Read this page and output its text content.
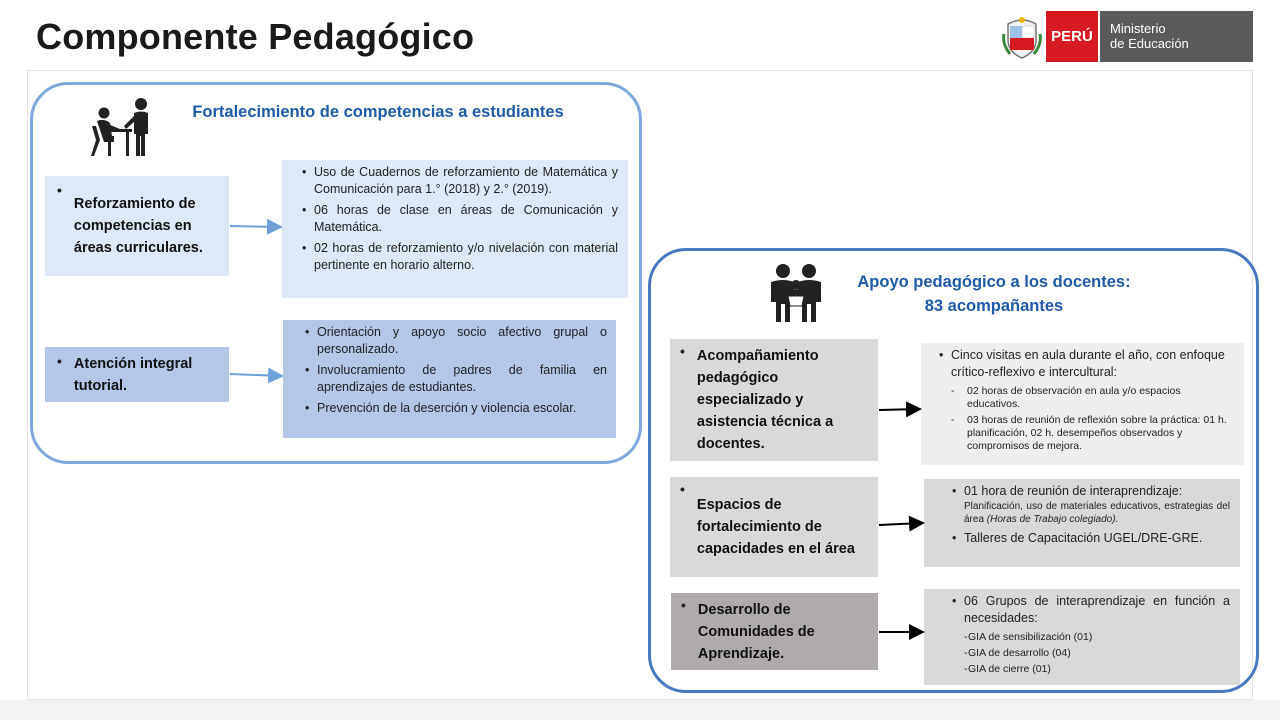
Componente Pedagógico	PERÚ	Ministerio
de Educación
Fortalecimiento de competencias a estudiantes
•
Reforzamiento de competencias en áreas curriculares.
• Uso de Cuadernos de reforzamiento de Matemática y Comunicación para 1.° (2018) y 2.° (2019).
• 06 horas de clase en áreas de Comunicación y Matemática.
• 02 horas de reforzamiento y/o nivelación con material pertinente en horario alterno.
• Atención integral tutorial.
• Orientación y apoyo socio afectivo grupal o personalizado.
• Involucramiento de padres de familia en aprendizajes de estudiantes.
• Prevención de la deserción y violencia escolar.
Apoyo pedagógico a los docentes:
83 acompañantes
• Acompañamiento pedagógico especializado y asistencia técnica a docentes.
• Cinco visitas en aula durante el año, con enfoque crítico-reflexivo e intercultural:
- 02 horas de observación en aula y/o espacios educativos.
- 03 horas de reunión de reflexión sobre la práctica: 01 h. planificación, 02 h. desempeños observados y compromisos de mejora.
•
Espacios de fortalecimiento de capacidades en el área
• 01 hora de reunión de interaprendizaje:
Planificación, uso de materiales educativos, estrategias del área (Horas de Trabajo colegiado).
• Talleres de Capacitación UGEL/DRE-GRE.
• Desarrollo de Comunidades de Aprendizaje.
• 06 Grupos de interaprendizaje en función a necesidades:
- GIA de sensibilización (01)
- GIA de desarrollo (04)
- GIA de cierre (01)
